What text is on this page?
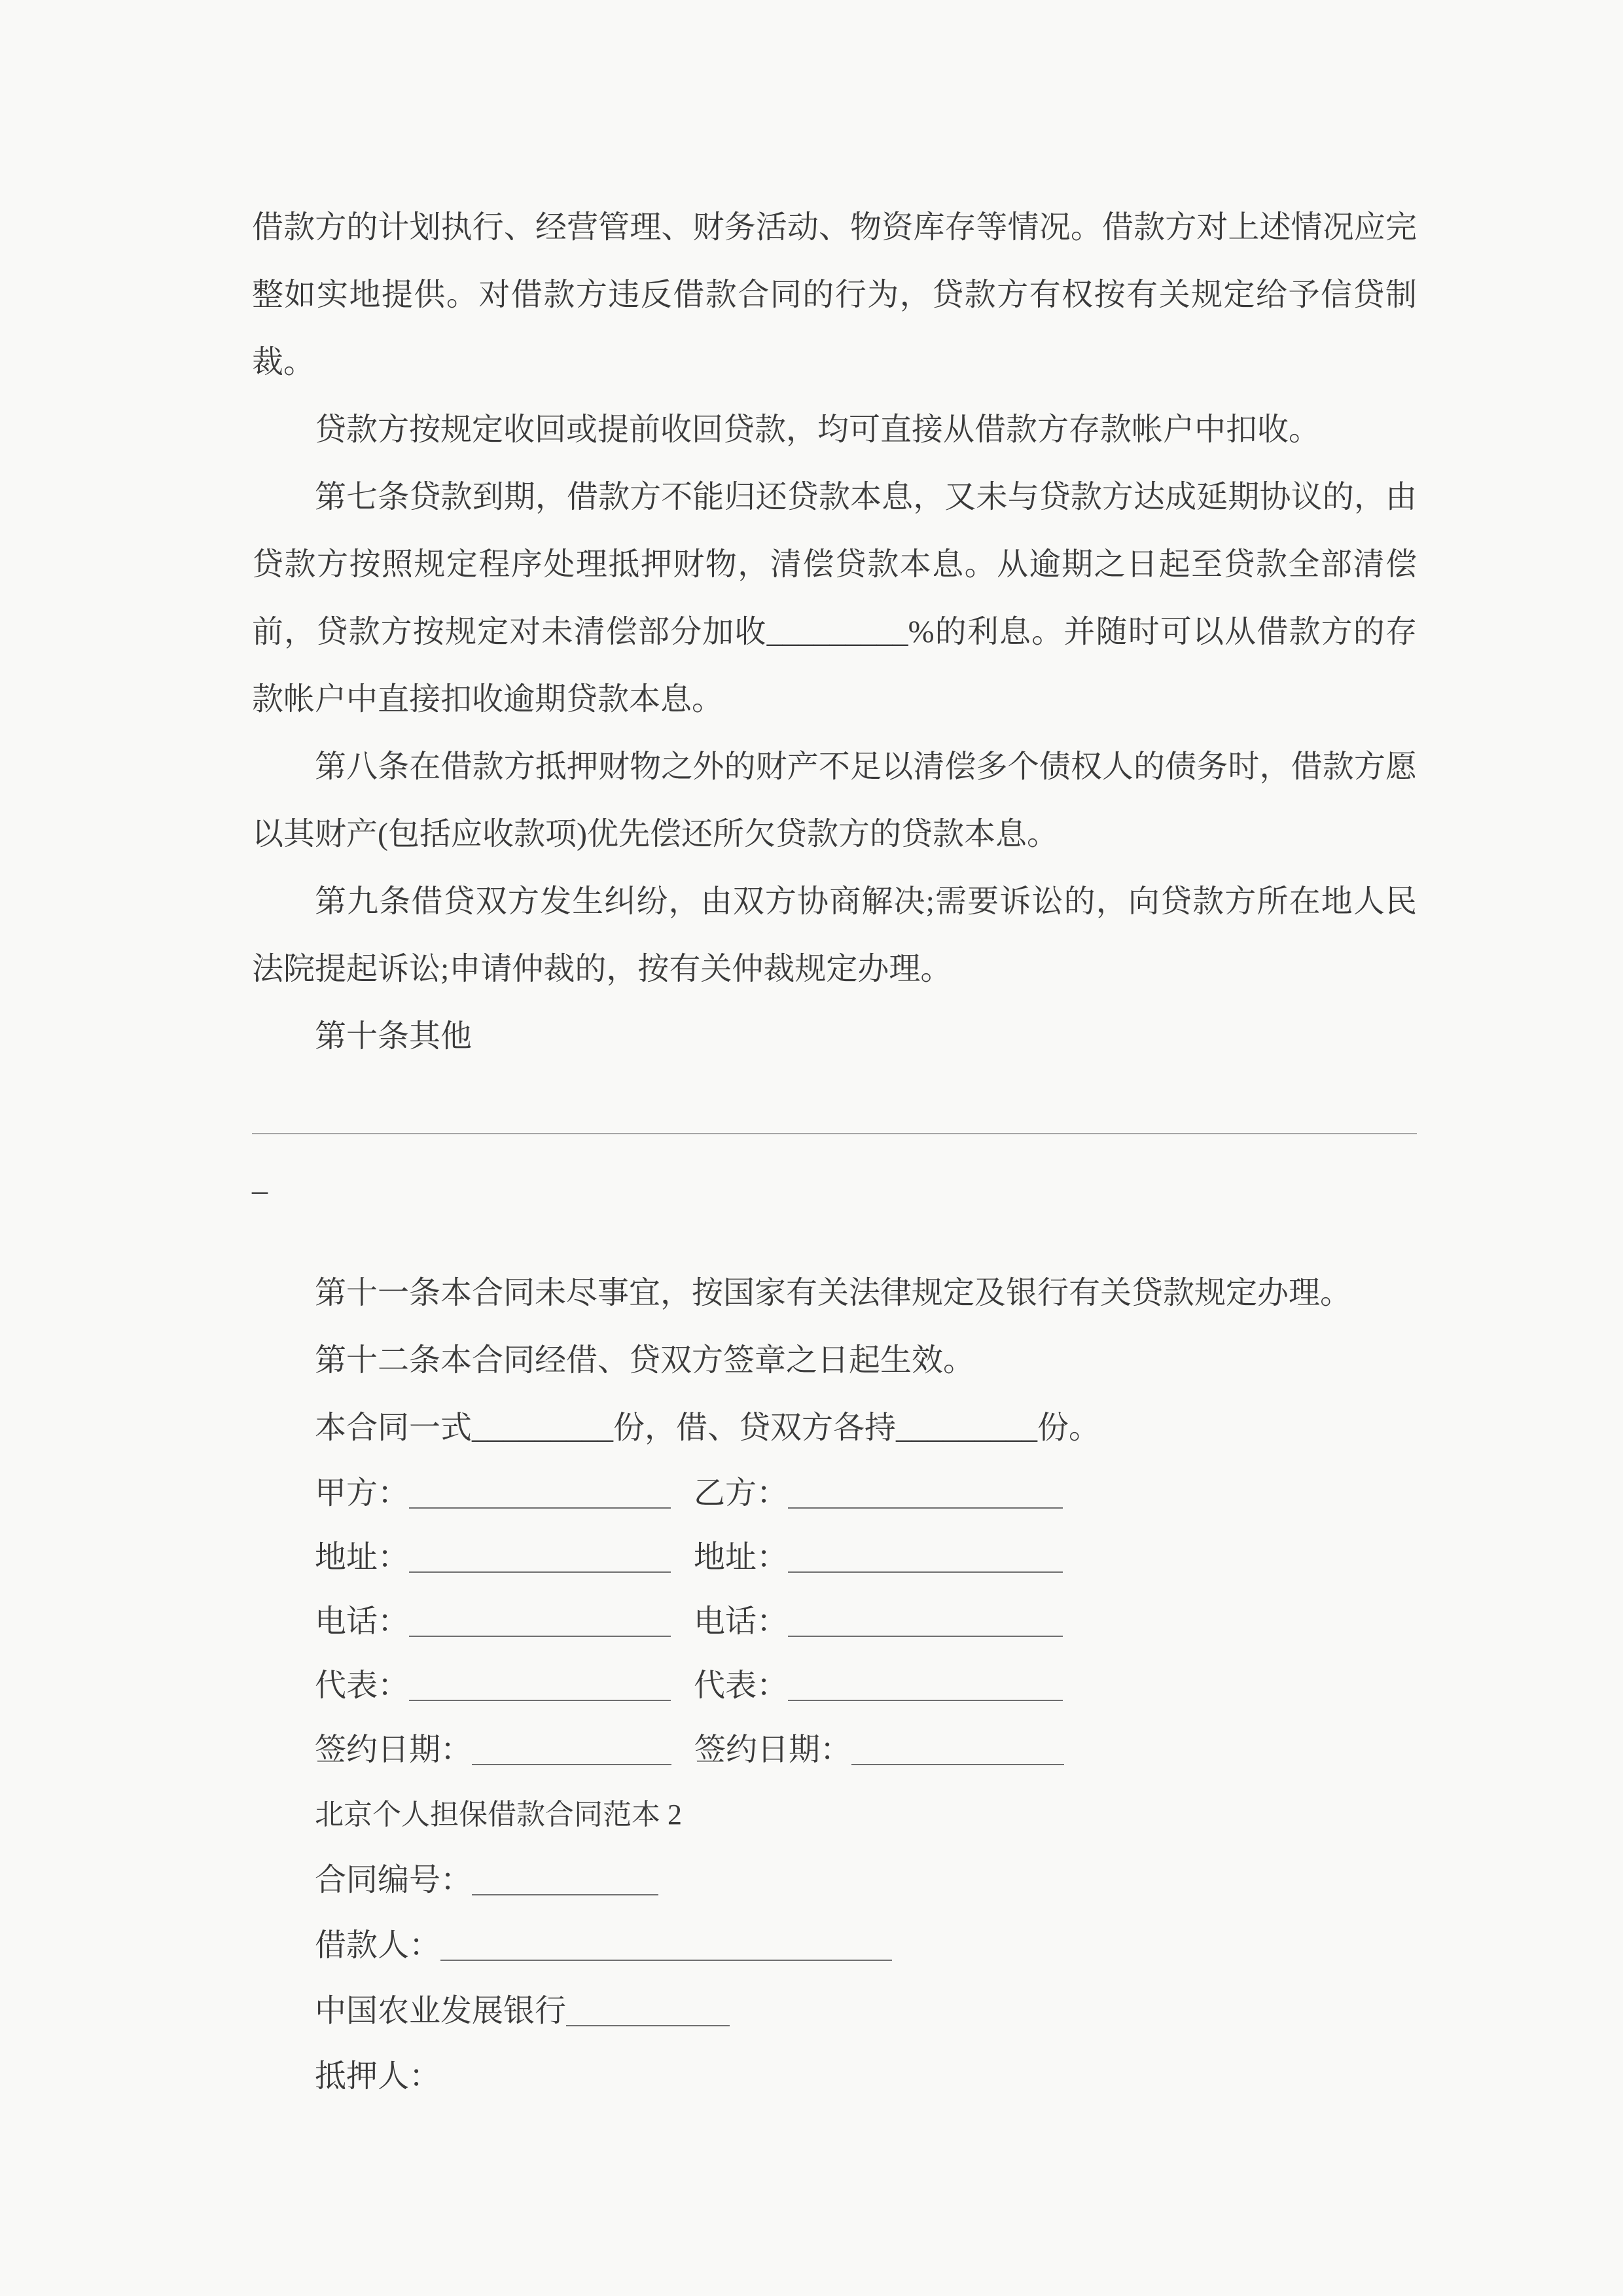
借款方的计划执行、经营管理、财务活动、物资库存等情况。借款方对上述情况应完整如实地提供。对借款方违反借款合同的行为，贷款方有权按有关规定给予信贷制裁。

贷款方按规定收回或提前收回贷款，均可直接从借款方存款帐户中扣收。

第七条贷款到期，借款方不能归还贷款本息，又未与贷款方达成延期协议的，由贷款方按照规定程序处理抵押财物，清偿贷款本息。从逾期之日起至贷款全部清偿前，贷款方按规定对未清偿部分加收_________%的利息。并随时可以从借款方的存款帐户中直接扣收逾期贷款本息。

第八条在借款方抵押财物之外的财产不足以清偿多个债权人的债务时，借款方愿以其财产(包括应收款项)优先偿还所欠贷款方的贷款本息。

第九条借贷双方发生纠纷，由双方协商解决;需要诉讼的，向贷款方所在地人民法院提起诉讼;申请仲裁的，按有关仲裁规定办理。

第十条其他

_

第十一条本合同未尽事宜，按国家有关法律规定及银行有关贷款规定办理。

第十二条本合同经借、贷双方签章之日起生效。

本合同一式_________份，借、贷双方各持_________份。

甲方：	乙方：
地址：	地址：
电话：	电话：
代表：	代表：
签约日期：	签约日期：
北京个人担保借款合同范本 2
合同编号：
借款人：
中国农业发展银行
抵押人：
